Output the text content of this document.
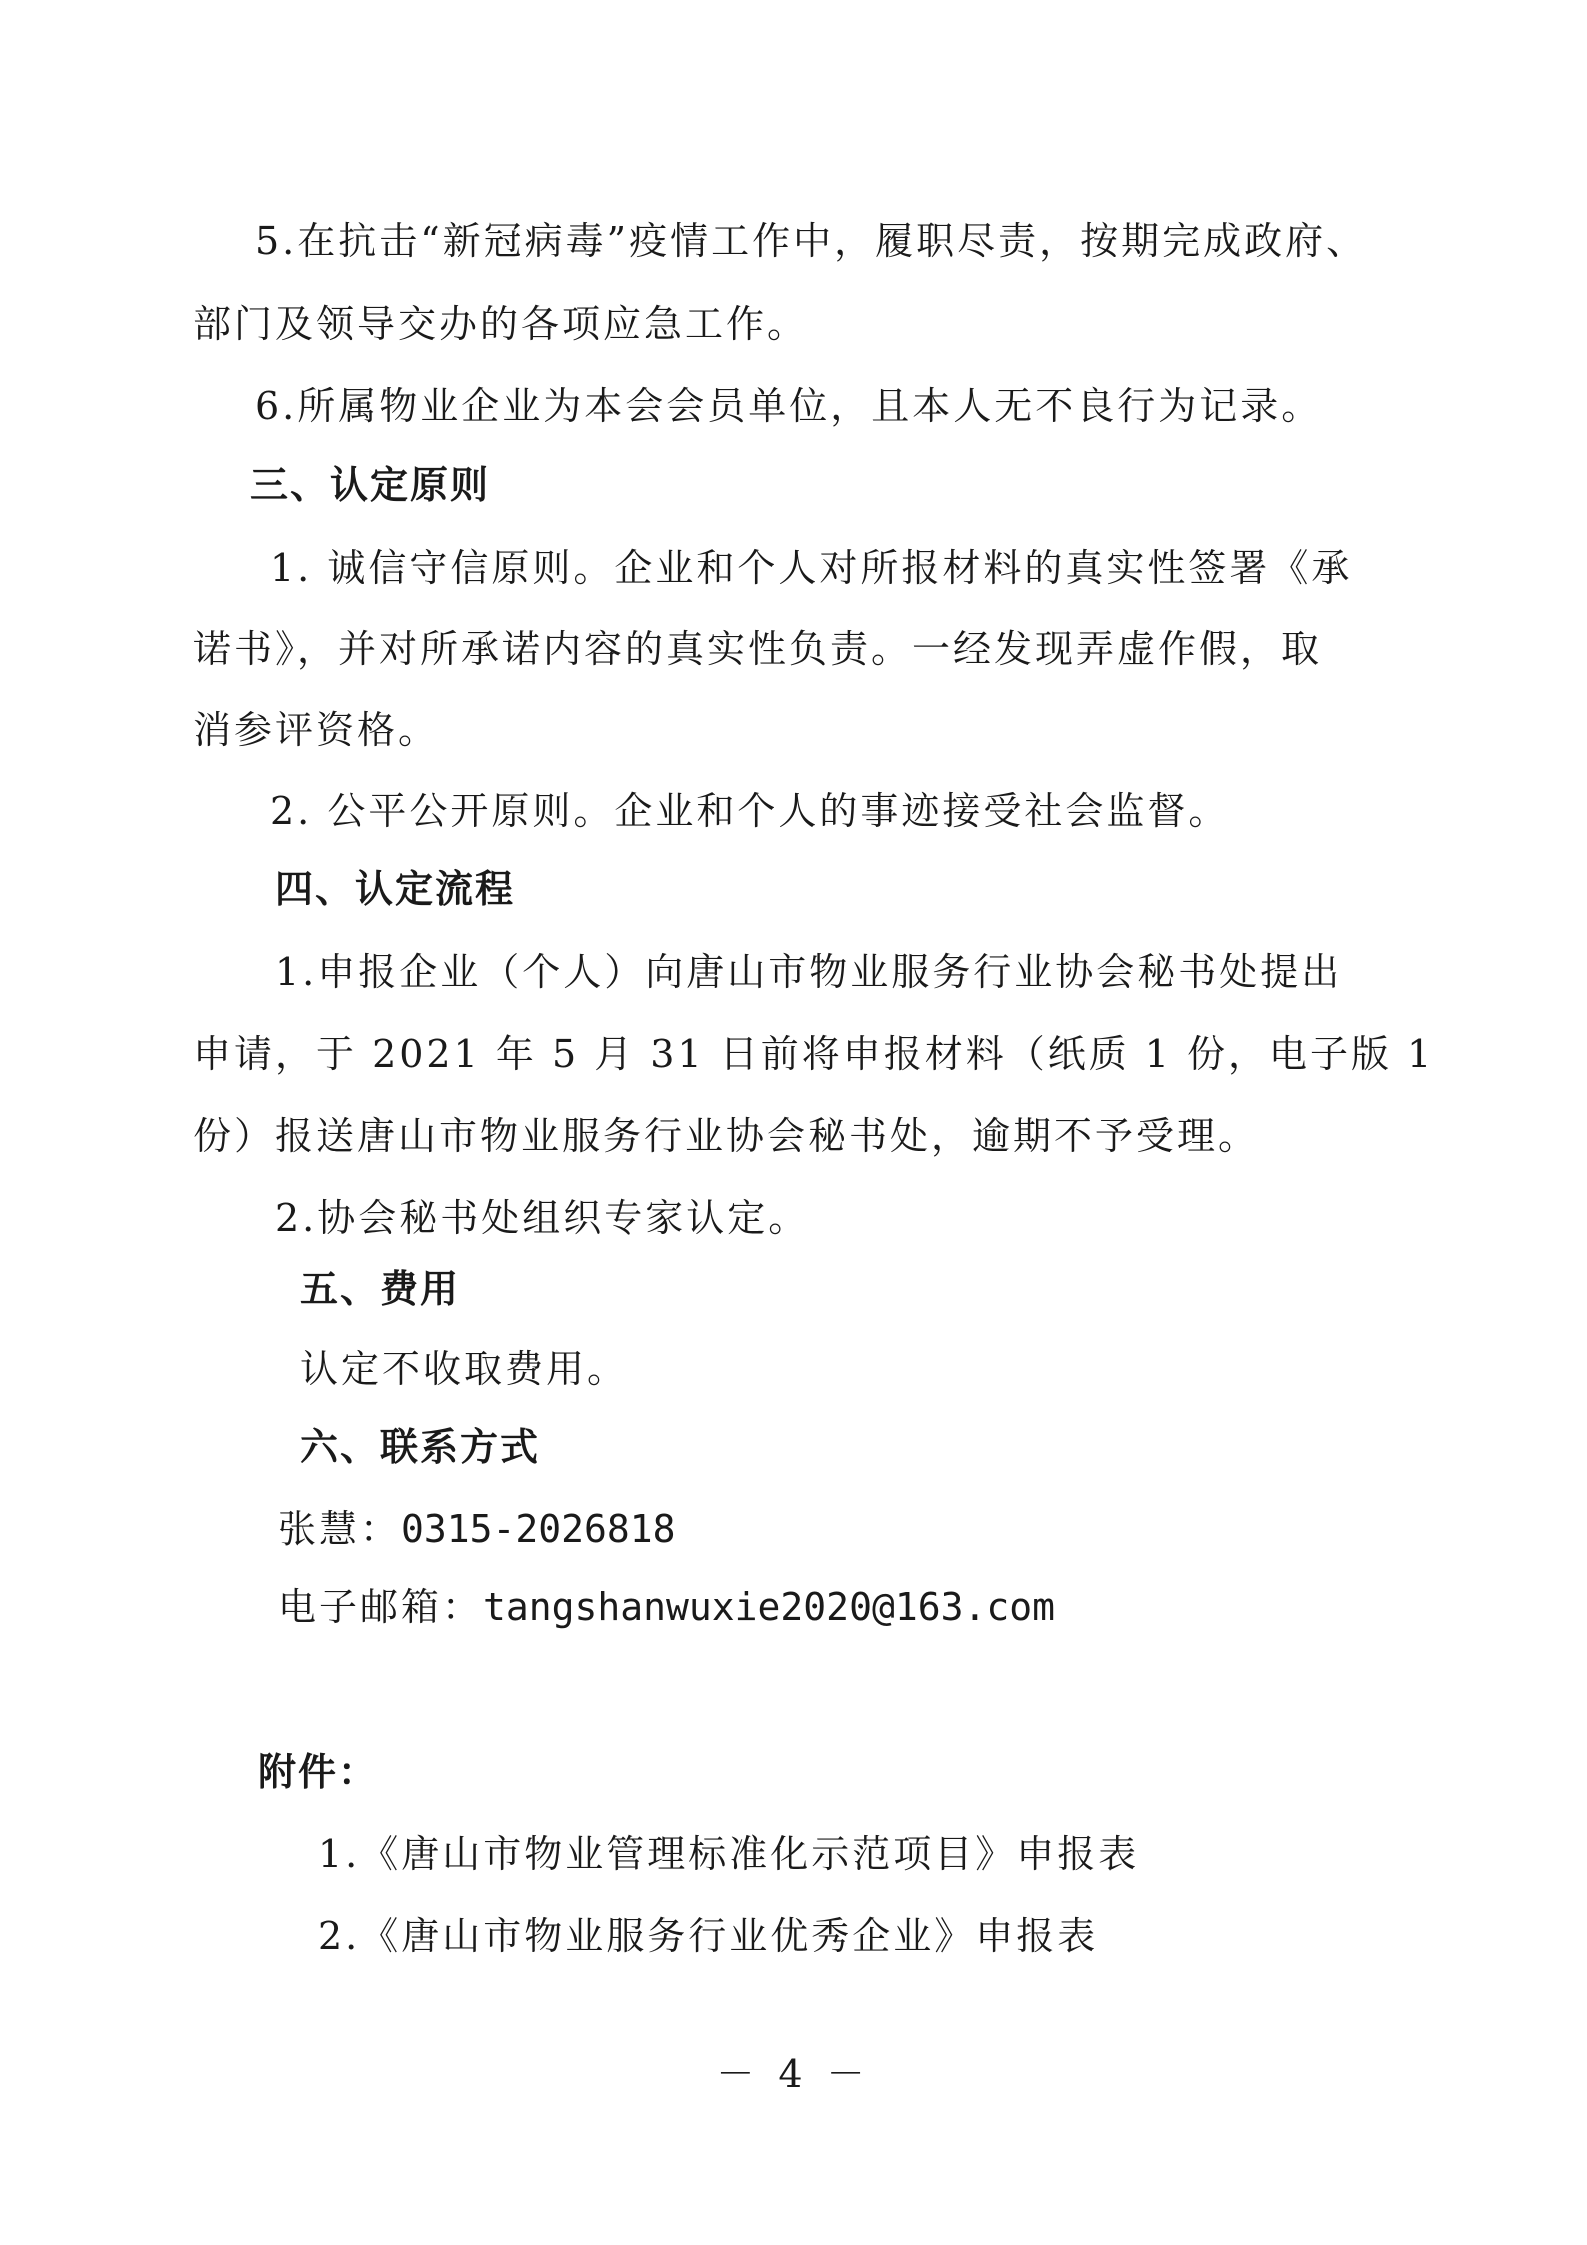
5.在抗击“新冠病毒”疫情工作中，履职尽责，按期完成政府、
部门及领导交办的各项应急工作。
6.所属物业企业为本会会员单位，且本人无不良行为记录。
三、认定原则
1. 诚信守信原则。企业和个人对所报材料的真实性签署《承
诺书》，并对所承诺内容的真实性负责。一经发现弄虚作假，取
消参评资格。
2. 公平公开原则。企业和个人的事迹接受社会监督。
四、认定流程
1.申报企业（个人）向唐山市物业服务行业协会秘书处提出
申请，于 2021 年 5 月 31 日前将申报材料（纸质 1 份，电子版 1
份）报送唐山市物业服务行业协会秘书处，逾期不予受理。
2.协会秘书处组织专家认定。
五、费用
认定不收取费用。
六、联系方式
张慧：0315-2026818
电子邮箱：tangshanwuxie2020@163.com
附件：
1.《唐山市物业管理标准化示范项目》申报表
2.《唐山市物业服务行业优秀企业》申报表
－ 4 －
